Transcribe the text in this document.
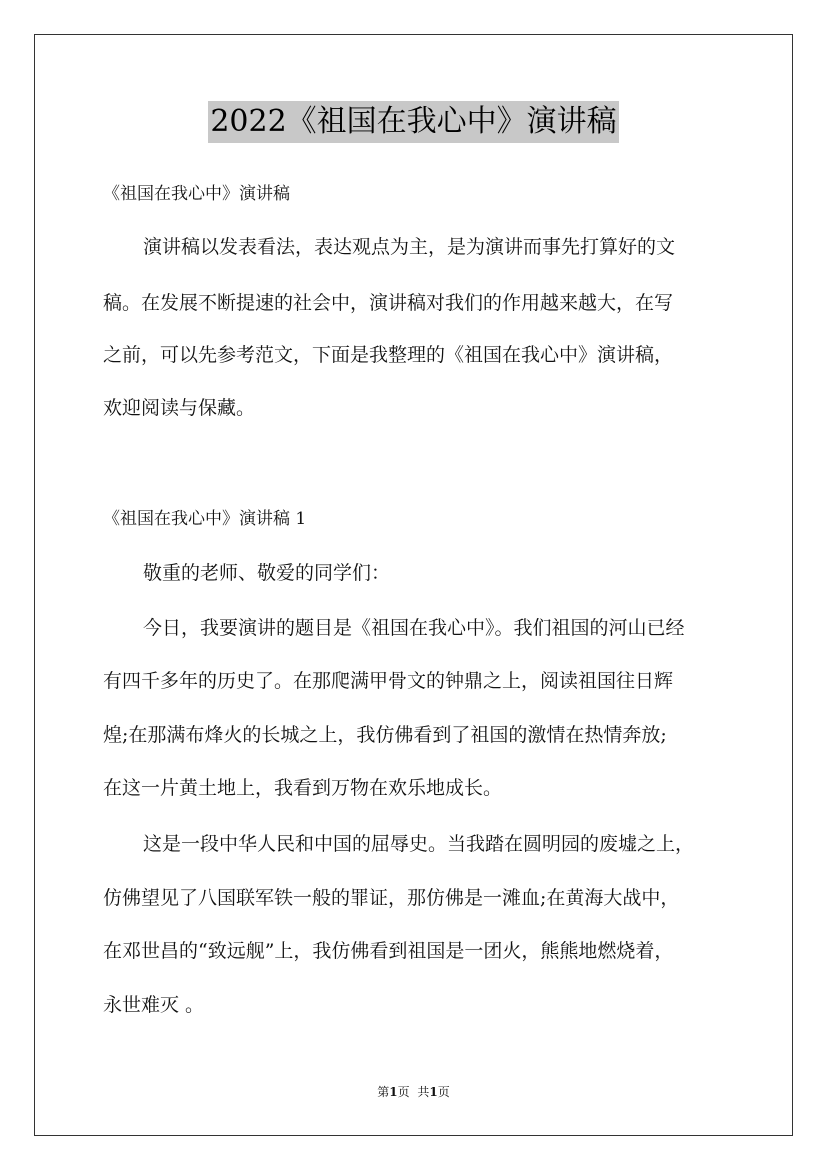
2022《祖国在我心中》演讲稿
《祖国在我心中》演讲稿
演讲稿以发表看法，表达观点为主，是为演讲而事先打算好的文
稿。在发展不断提速的社会中，演讲稿对我们的作用越来越大，在写
之前，可以先参考范文，下面是我整理的《祖国在我心中》演讲稿，
欢迎阅读与保藏。
《祖国在我心中》演讲稿 1
敬重的老师、敬爱的同学们：
今日，我要演讲的题目是《祖国在我心中》。我们祖国的河山已经
有四千多年的历史了。在那爬满甲骨文的钟鼎之上，阅读祖国往日辉
煌;在那满布烽火的长城之上，我仿佛看到了祖国的激情在热情奔放;
在这一片黄土地上，我看到万物在欢乐地成长。
这是一段中华人民和中国的屈辱史。当我踏在圆明园的废墟之上，
仿佛望见了八国联军铁一般的罪证，那仿佛是一滩血;在黄海大战中，
在邓世昌的“致远舰”上，我仿佛看到祖国是一团火，熊熊地燃烧着，
永世难灭 。
第1页 共1页
